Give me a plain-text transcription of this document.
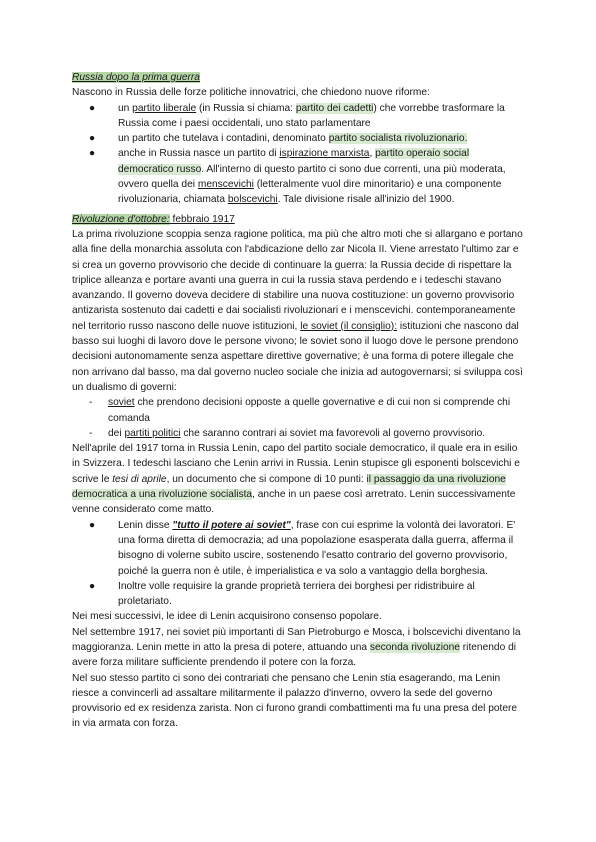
Russia dopo la prima guerra

Nascono in Russia delle forze politiche innovatrici, che chiedono nuove riforme:

● un partito liberale (in Russia si chiama: partito dei cadetti) che vorrebbe trasformare la Russia come i paesi occidentali, uno stato parlamentare
● un partito che tutelava i contadini, denominato partito socialista rivoluzionario.
● anche in Russia nasce un partito di ispirazione marxista, partito operaio social democratico russo. All'interno di questo partito ci sono due correnti, una più moderata, ovvero quella dei menscevichi (letteralmente vuol dire minoritario) e una componente rivoluzionaria, chiamata bolscevichi. Tale divisione risale all'inizio del 1900.

Rivoluzione d'ottobre: febbraio 1917

La prima rivoluzione scoppia senza ragione politica, ma più che altro moti che si allargano e portano alla fine della monarchia assoluta con l'abdicazione dello zar Nicola II. Viene arrestato l'ultimo zar e si crea un governo provvisorio che decide di continuare la guerra: la Russia decide di rispettare la triplice alleanza e portare avanti una guerra in cui la russia stava perdendo e i tedeschi stavano avanzando. Il governo doveva decidere di stabilire una nuova costituzione: un governo provvisorio antizarista sostenuto dai cadetti e dai socialisti rivoluzionari e i menscevichi. contemporaneamente nel territorio russo nascono delle nuove istituzioni, le soviet (il consiglio): istituzioni che nascono dal basso sui luoghi di lavoro dove le persone vivono; le soviet sono il luogo dove le persone prendono decisioni autonomamente senza aspettare direttive governative; è una forma di potere illegale che non arrivano dal basso, ma dal governo nucleo sociale che inizia ad autogovernarsi; si sviluppa così un dualismo di governi:

- soviet che prendono decisioni opposte a quelle governative e di cui non si comprende chi comanda
- dei partiti politici che saranno contrari ai soviet ma favorevoli al governo provvisorio.

Nell'aprile del 1917 torna in Russia Lenin, capo del partito sociale democratico, il quale era in esilio in Svizzera. I tedeschi lasciano che Lenin arrivi in Russia. Lenin stupisce gli esponenti bolscevichi e scrive le tesi di aprile, un documento che si compone di 10 punti: il passaggio da una rivoluzione democratica a una rivoluzione socialista, anche in un paese così arretrato. Lenin successivamente venne considerato come matto.

● Lenin disse "tutto il potere ai soviet", frase con cui esprime la volontà dei lavoratori. E' una forma diretta di democrazia; ad una popolazione esasperata dalla guerra, afferma il bisogno di volerne subito uscire, sostenendo l'esatto contrario del governo provvisorio, poiché la guerra non è utile, è imperialistica e va solo a vantaggio della borghesia.
● Inoltre volle requisire la grande proprietà terriera dei borghesi per ridistribuire al proletariato.

Nei mesi successivi, le idee di Lenin acquisirono consenso popolare.

Nel settembre 1917, nei soviet più importanti di San Pietroburgo e Mosca, i bolscevichi diventano la maggioranza. Lenin mette in atto la presa di potere, attuando una seconda rivoluzione ritenendo di avere forza militare sufficiente prendendo il potere con la forza.

Nel suo stesso partito ci sono dei contrariati che pensano che Lenin stia esagerando, ma Lenin riesce a convincerli ad assaltare militarmente il palazzo d'inverno, ovvero la sede del governo provvisorio ed ex residenza zarista. Non ci furono grandi combattimenti ma fu una presa del potere in via armata con forza.
